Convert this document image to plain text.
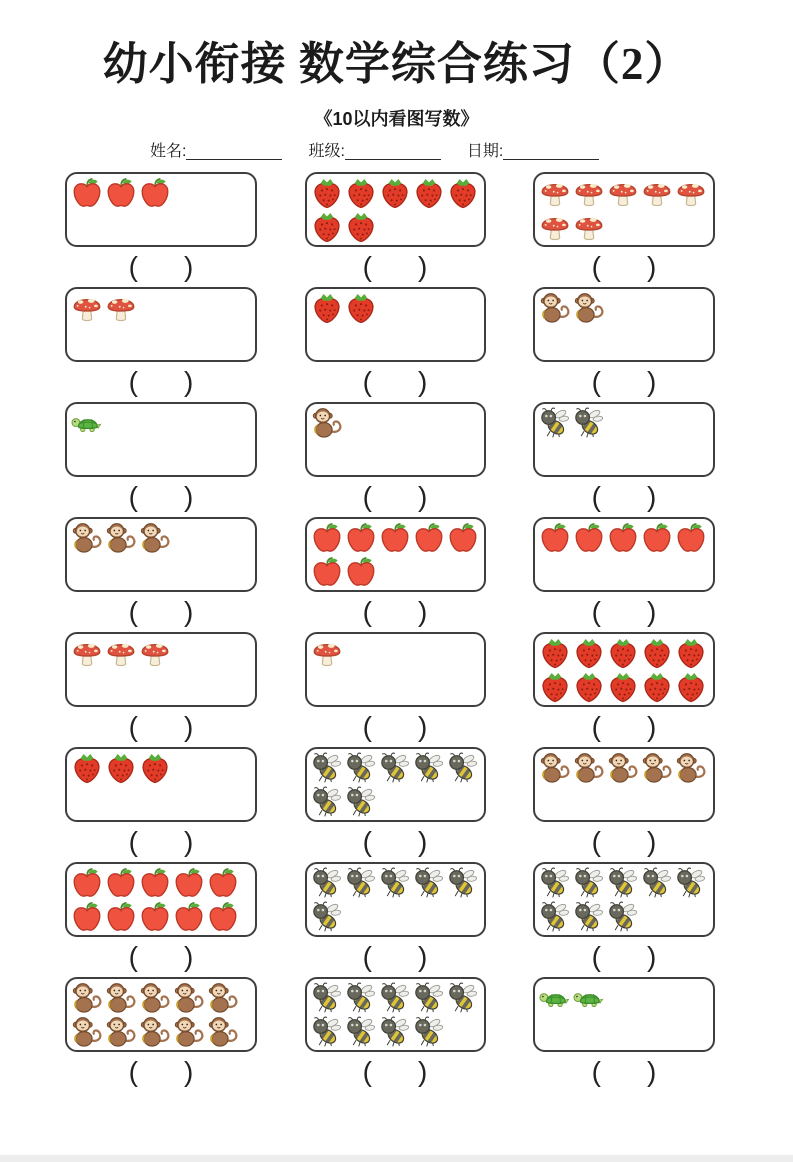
幼小衔接 数学综合练习（2）
《10以内看图写数》
姓名:	班级:	日期:
( )	( )	( )
( )	( )	( )
( )	( )	( )
( )	( )	( )
( )	( )	( )
( )	( )	( )
( )	( )	( )
( )	( )	( )
